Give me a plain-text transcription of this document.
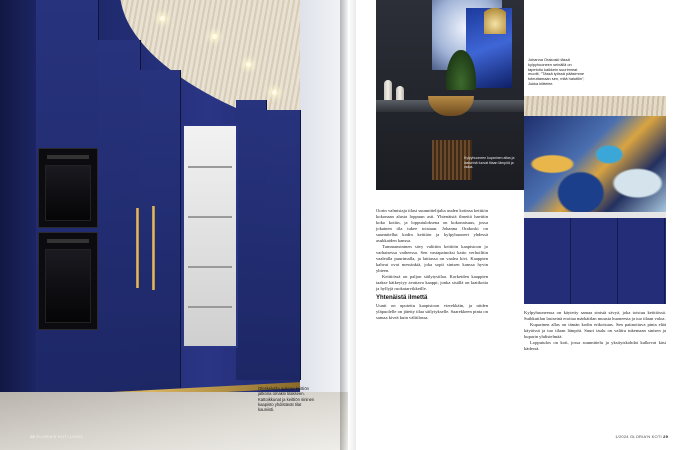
Oleskelutila aukeaa keittiön jatkona omaksi tilakseen. Kattoikkunat ja keittiön sininen kaapisto yhdistävät tilat kauniisti.
28 GLORIA'N KOTI 1/2024
Kylpyhuoneen kuparinen allas ja lasiseinä tuovat tilaan lämpöä ja valoa.
Johanna Orakoski tässä kylpyhuoneen seinällä on tapetoitu kaikkein suurimmat muotit. ”Tässä työssä pääsimme toteuttamaan sen, mitä haluttiin”, Jukka kiittelee.

Oorin valmistaja tilasi suunnittelijalta uuden kotinsa keittiön kokonaan alusta loppuun asti. Yhtenäistä ilmettä haettiin koko kotiin, ja lopputuloksena on kokonaisuus, jossa jokainen tila tukee toistaan. Johanna Orakoski on suunnitellut kodin keittiön ja kylpyhuoneet yhdessä asukkaiden kanssa.

Tummansininen sävy valittiin keittiön kaapistoon jo varhaisessa vaiheessa. Sen vastapainoksi katto verhoiltiin vaalealla puurimalla, ja lattiassa on vaalea kivi. Kaappien kahvat ovat messinkiä, joka sopii sinisen kanssa hyvin yhteen.

Keittiössä on paljon säilytystilaa. Korkeiden kaappien taakse kätkeytyy avattava kaappi, jonka sisällä on laatikoita ja hyllyjä ruokatarvikkeille.

Yhtenäistä ilmettä

Uunit on upotettu kaapistoon vierekkäin, ja niiden yläpuolelle on jätetty tilaa säilytykselle. Saarekkeen pinta on samaa kiveä kuin välitilassa.

Kylpyhuoneessa on käytetty samaa sinistä sävyä, joka toistuu keittiössä. Suihkutilan lasiseinä erottaa märkätilan muusta huoneesta ja tuo tilaan valoa.

Kuparinen allas on tämän kodin erikoisuus. Sen patinoituva pinta elää käytössä ja tuo tilaan lämpöä. Suuri taulu on valittu tukemaan sinisen ja kuparin yhdistelmää.

Lopputulos on koti, jossa suunnittelu ja yksityiskohdat kulkevat käsi kädessä.

1/2024 GLORIA'N KOTI 29
